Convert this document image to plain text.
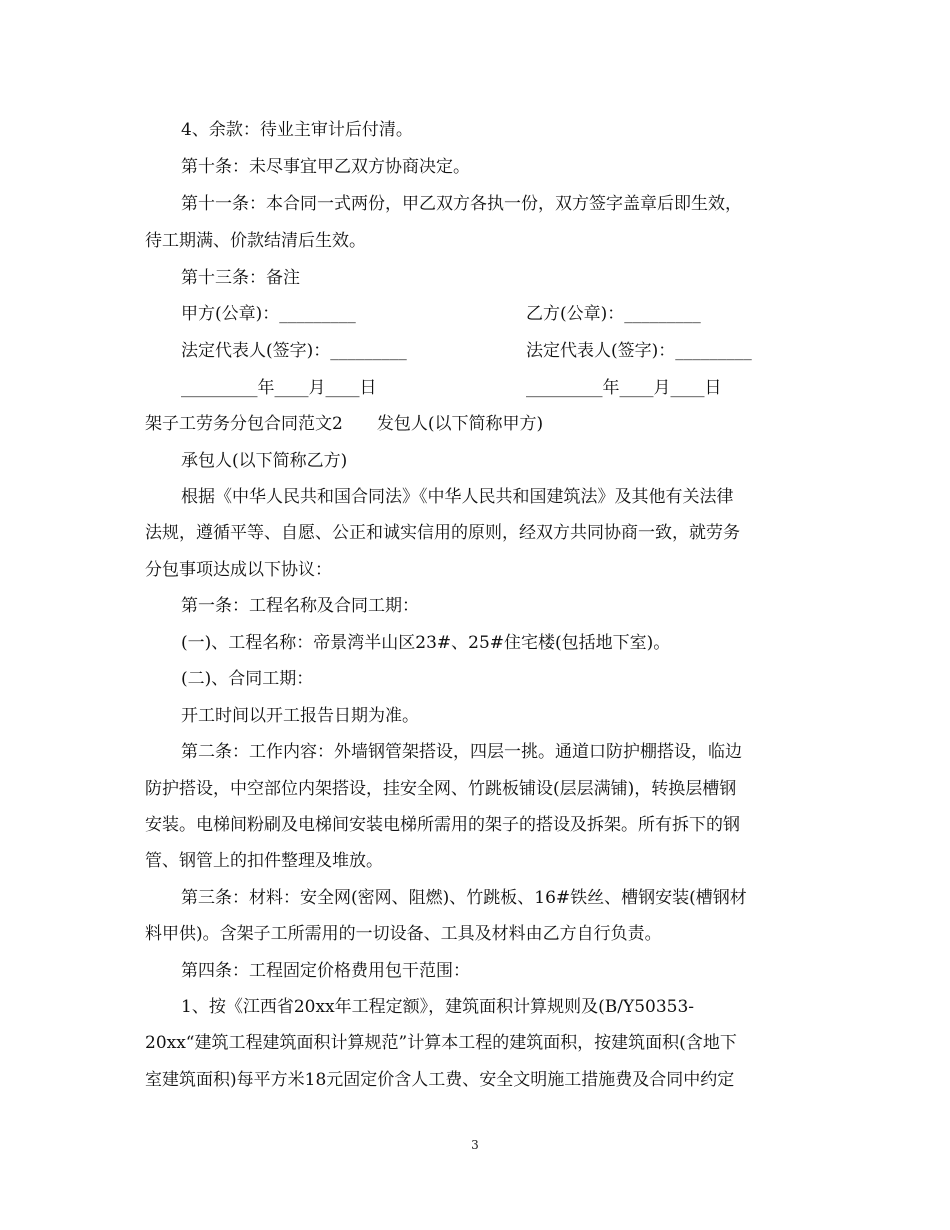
4、余款：待业主审计后付清。
第十条：未尽事宜甲乙双方协商决定。
第十一条：本合同一式两份，甲乙双方各执一份，双方签字盖章后即生效，
待工期满、价款结清后生效。
第十三条：备注
甲方(公章)：_________	乙方(公章)：_________
法定代表人(签字)：_________	法定代表人(签字)：_________
_________年____月____日	_________年____月____日
架子工劳务分包合同范文2　　发包人(以下简称甲方)
承包人(以下简称乙方)
根据《中华人民共和国合同法》《中华人民共和国建筑法》及其他有关法律
法规，遵循平等、自愿、公正和诚实信用的原则，经双方共同协商一致，就劳务
分包事项达成以下协议：
第一条：工程名称及合同工期：
(一)、工程名称：帝景湾半山区23#、25#住宅楼(包括地下室)。
(二)、合同工期：
开工时间以开工报告日期为准。
第二条：工作内容：外墙钢管架搭设，四层一挑。通道口防护棚搭设，临边
防护搭设，中空部位内架搭设，挂安全网、竹跳板铺设(层层满铺)，转换层槽钢
安装。电梯间粉刷及电梯间安装电梯所需用的架子的搭设及拆架。所有拆下的钢
管、钢管上的扣件整理及堆放。
第三条：材料：安全网(密网、阻燃)、竹跳板、16#铁丝、槽钢安装(槽钢材
料甲供)。含架子工所需用的一切设备、工具及材料由乙方自行负责。
第四条：工程固定价格费用包干范围：
1、按《江西省20xx年工程定额》，建筑面积计算规则及(B/Y50353-
20xx“建筑工程建筑面积计算规范”计算本工程的建筑面积，按建筑面积(含地下
室建筑面积)每平方米18元固定价含人工费、安全文明施工措施费及合同中约定
3
